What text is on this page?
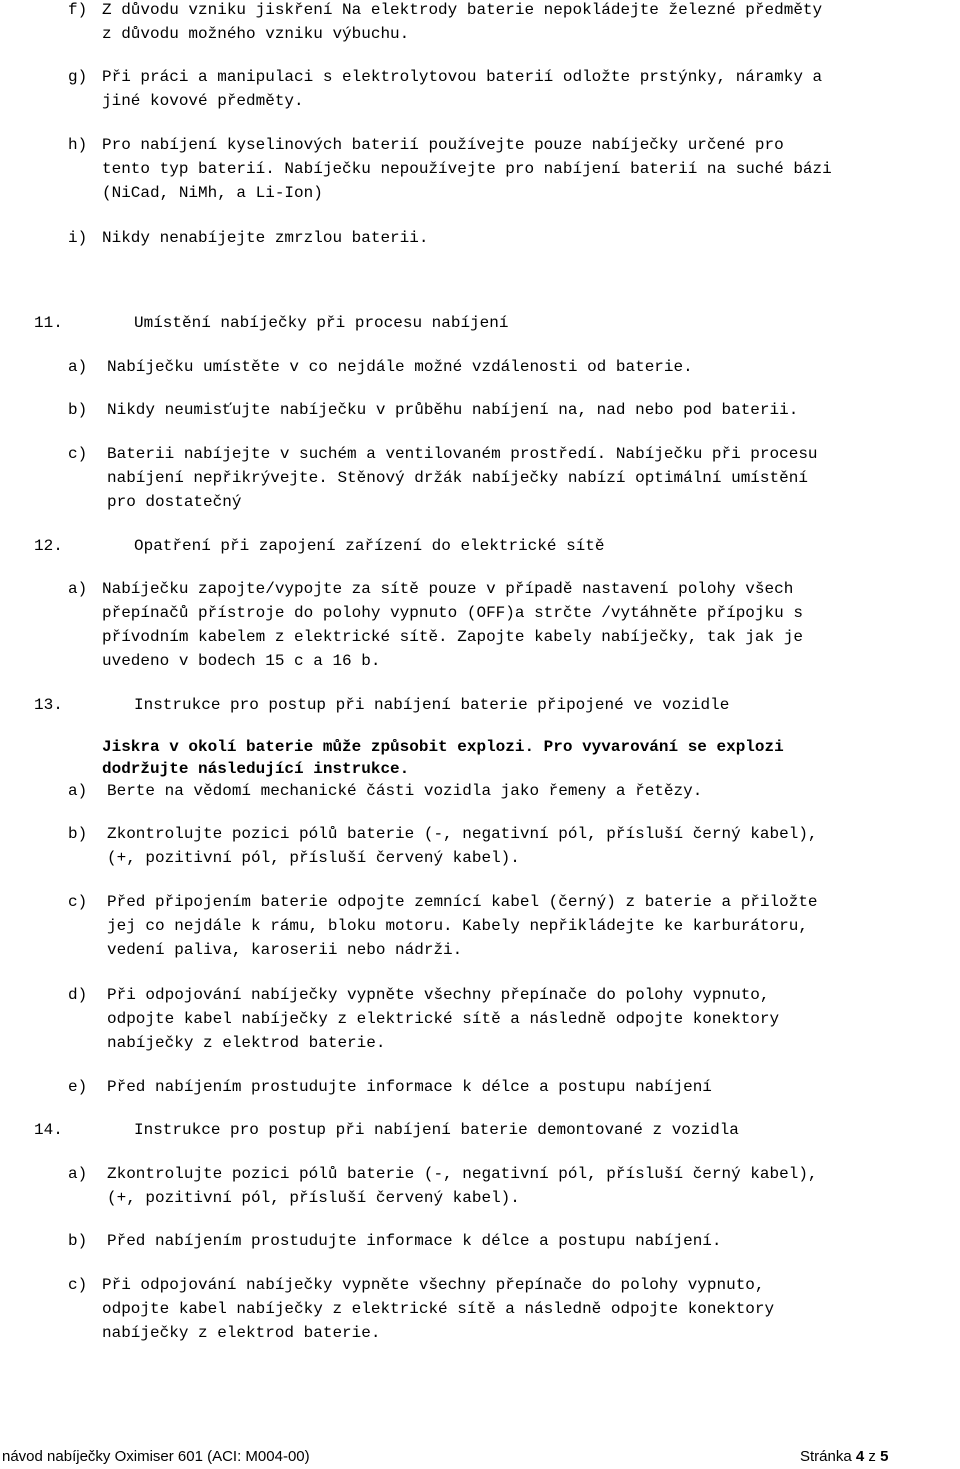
f) Z důvodu vzniku jiskření Na elektrody baterie nepokládejte železné předměty
z důvodu možného vzniku výbuchu.
g) Při práci a manipulaci s elektrolytovou baterií odložte prstýnky, náramky a
jiné kovové předměty.
h) Pro nabíjení kyselinových baterií používejte pouze nabíječky určené pro
tento typ baterií. Nabíječku nepoužívejte pro nabíjení baterií na suché bázi
(NiCad, NiMh, a Li-Ion)
i) Nikdy nenabíjejte zmrzlou baterii.
11.	Umístění nabíječky při procesu nabíjení
a) Nabíječku umístěte v co nejdále možné vzdálenosti od baterie.
b) Nikdy neumisťujte nabíječku v průběhu nabíjení na, nad nebo pod baterii.
c) Baterii nabíjejte v suchém a ventilovaném prostředí. Nabíječku při procesu
nabíjení nepřikrývejte. Stěnový držák nabíječky nabízí optimální umístění
pro dostatečný
12.	Opatření při zapojení zařízení do elektrické sítě
a) Nabíječku zapojte/vypojte za sítě pouze v případě nastavení polohy všech
přepínačů přístroje do polohy vypnuto (OFF)a strčte /vytáhněte přípojku s
přívodním kabelem z elektrické sítě. Zapojte kabely nabíječky, tak jak je
uvedeno v bodech 15 c a 16 b.
13.	Instrukce pro postup při nabíjení baterie připojené ve vozidle
Jiskra v okolí baterie může způsobit explozi. Pro vyvarování se explozi
dodržujte následující instrukce.
a) Berte na vědomí mechanické části vozidla jako řemeny a řetězy.
b) Zkontrolujte pozici pólů baterie (-, negativní pól, přísluší černý kabel),
(+, pozitivní pól, přísluší červený kabel).
c) Před připojením baterie odpojte zemnící kabel (černý) z baterie a přiložte
jej co nejdále k rámu, bloku motoru. Kabely nepřikládejte ke karburátoru,
vedení paliva, karoserii nebo nádrži.
d) Při odpojování nabíječky vypněte všechny přepínače do polohy vypnuto,
odpojte kabel nabíječky z elektrické sítě a následně odpojte konektory
nabíječky z elektrod baterie.
e) Před nabíjením prostudujte informace k délce a postupu nabíjení
14.	Instrukce pro postup při nabíjení baterie demontované z vozidla
a) Zkontrolujte pozici pólů baterie (-, negativní pól, přísluší černý kabel),
(+, pozitivní pól, přísluší červený kabel).
b) Před nabíjením prostudujte informace k délce a postupu nabíjení.
c) Při odpojování nabíječky vypněte všechny přepínače do polohy vypnuto,
odpojte kabel nabíječky z elektrické sítě a následně odpojte konektory
nabíječky z elektrod baterie.
návod nabíječky Oximiser 601 (ACI: M004-00)	Stránka 4 z 5
